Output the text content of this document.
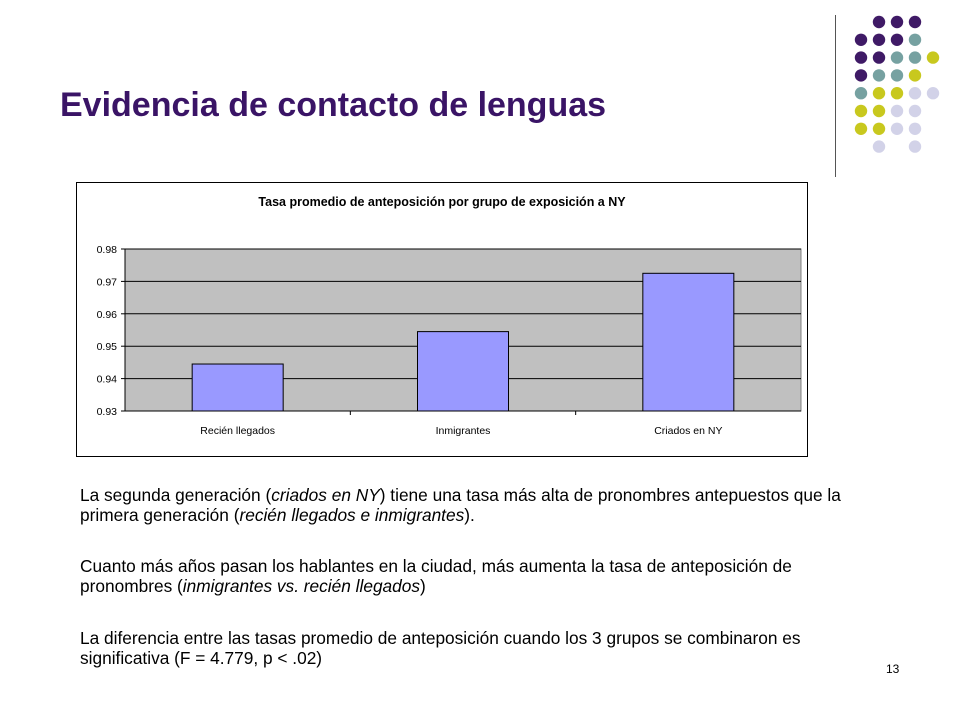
Evidencia de contacto de lenguas
Tasa promedio de anteposición por grupo de exposición a NY
0.98
0.97
0.96
0.95
0.94
0.93
Recién llegados	Inmigrantes	Criados en NY
La segunda generación (criados en NY) tiene una tasa más alta de pronombres antepuestos que la primera generación (recién llegados e inmigrantes).
Cuanto más años pasan los hablantes en la ciudad, más aumenta la tasa de anteposición de pronombres (inmigrantes vs. recién llegados)
La diferencia entre las tasas promedio de anteposición cuando los 3 grupos se combinaron es significativa (F = 4.779, p < .02)
13
